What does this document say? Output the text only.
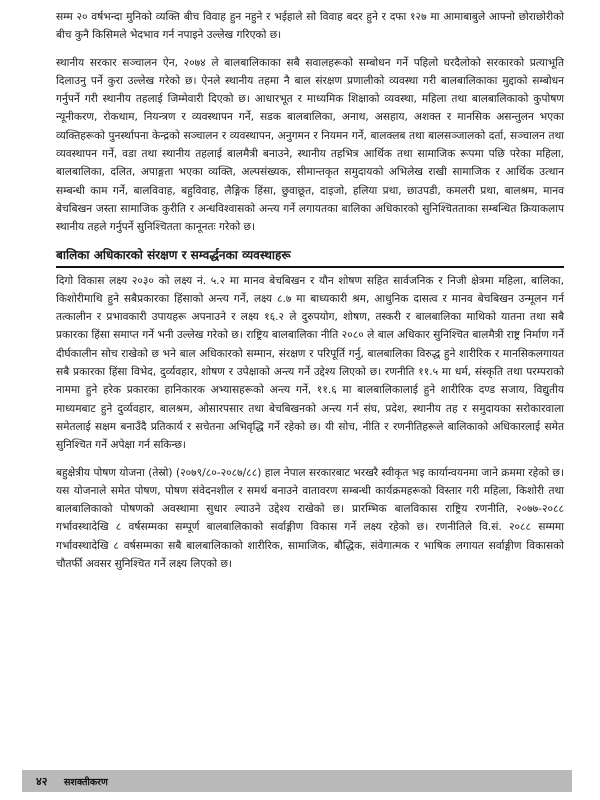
सम्म २० वर्षभन्दा मुनिको व्यक्ति बीच विवाह हुन नहुने र भईहाले सो विवाह बदर हुने र दफा १२७ मा आमाबाबुले आफ्नो छोराछोरीको बीच कुनै किसिमले भेदभाव गर्न नपाइने उल्लेख गरिएको छ।

स्थानीय सरकार सञ्चालन ऐन, २०७४ ले बालबालिकाका सबै सवालहरूको सम्बोधन गर्ने पहिलो घरदैलोको सरकारको प्रत्याभूति दिलाउनु पर्ने कुरा उल्लेख गरेको छ। ऐनले स्थानीय तहमा नै बाल संरक्षण प्रणालीको व्यवस्था गरी बालबालिकाका मुद्दाको सम्बोधन गर्नुपर्ने गरी स्थानीय तहलाई जिम्मेवारी दिएको छ। आधारभूत र माध्यमिक शिक्षाको व्यवस्था, महिला तथा बालबालिकाको कुपोषण न्यूनीकरण, रोकथाम, नियन्त्रण र व्यवस्थापन गर्ने, सडक बालबालिका, अनाथ, असहाय, अशक्त र मानसिक असन्तुलन भएका व्यक्तिहरूको पुनर्स्थापना केन्द्रको सञ्चालन र व्यवस्थापन, अनुगमन र नियमन गर्ने, बालक्लब तथा बालसञ्जालको दर्ता, सञ्चालन तथा व्यवस्थापन गर्ने, वडा तथा स्थानीय तहलाई बालमैत्री बनाउने, स्थानीय तहभित्र आर्थिक तथा सामाजिक रूपमा पछि परेका महिला, बालबालिका, दलित, अपाङ्गता भएका व्यक्ति, अल्पसंख्यक, सीमान्तकृत समुदायको अभिलेख राखी सामाजिक र आर्थिक उत्थान सम्बन्धी काम गर्ने, बालविवाह, बहुविवाह, लैङ्गिक हिंसा, छुवाछूत, दाइजो, हलिया प्रथा, छाउपडी, कमलरी प्रथा, बालश्रम, मानव बेचबिखन जस्ता सामाजिक कुरीति र अन्धविश्वासको अन्त्य गर्ने लगायतका बालिका अधिकारको सुनिश्चितताका सम्बन्धित क्रियाकलाप स्थानीय तहले गर्नुपर्ने सुनिश्चितता कानूनतः गरेको छ।

बालिका अधिकारको संरक्षण र सम्वर्द्धनका व्यवस्थाहरू

दिगो विकास लक्ष्य २०३० को लक्ष्य नं. ५.२ मा मानव बेचबिखन र यौन शोषण सहित सार्वजनिक र निजी क्षेत्रमा महिला, बालिका, किशोरीमाथि हुने सबैप्रकारका हिंसाको अन्त्य गर्ने, लक्ष्य ८.७ मा बाध्यकारी श्रम, आधुनिक दासत्व र मानव बेचबिखन उन्मूलन गर्न तत्कालीन र प्रभावकारी उपायहरू अपनाउने र लक्ष्य १६.२ ले दुरुपयोग, शोषण, तस्करी र बालबालिका माथिको यातना तथा सबै प्रकारका हिंसा समाप्त गर्ने भनी उल्लेख गरेको छ। राष्ट्रिय बालबालिका नीति २०८० ले बाल अधिकार सुनिश्चित बालमैत्री राष्ट्र निर्माण गर्ने दीर्घकालीन सोच राखेको छ भने बाल अधिकारको सम्मान, संरक्षण र परिपूर्ति गर्नु, बालबालिका विरुद्ध हुने शारीरिक र मानसिकलगायत सबै प्रकारका हिंसा विभेद, दुर्व्यवहार, शोषण र उपेक्षाको अन्त्य गर्ने उद्देश्य लिएको छ। रणनीति ११.५ मा धर्म, संस्कृति तथा परम्पराको नाममा हुने हरेक प्रकारका हानिकारक अभ्यासहरूको अन्त्य गर्ने, ११.६ मा बालबालिकालाई हुने शारीरिक दण्ड सजाय, विद्युतीय माध्यमबाट हुने दुर्व्यवहार, बालश्रम, ओसारपसार तथा बेचबिखनको अन्त्य गर्न संघ, प्रदेश, स्थानीय तह र समुदायका सरोकारवाला समेतलाई सक्षम बनाउँदै प्रतिकार्य र सचेतना अभिवृद्धि गर्ने रहेको छ। यी सोच, नीति र रणनीतिहरूले बालिकाको अधिकारलाई समेत सुनिश्चित गर्ने अपेक्षा गर्न सकिन्छ।

बहुक्षेत्रीय पोषण योजना (तेस्रो) (२०७९/८०-२०८७/८८) हाल नेपाल सरकारबाट भरखरै स्वीकृत भइ कार्यान्वयनमा जाने क्रममा रहेको छ। यस योजनाले समेत पोषण, पोषण संवेदनशील र समर्थ बनाउने वातावरण सम्बन्धी कार्यक्रमहरूको विस्तार गरी महिला, किशोरी तथा बालबालिकाको पोषणको अवस्थामा सुधार ल्याउने उद्देश्य राखेको छ। प्रारम्भिक बालविकास राष्ट्रिय रणनीति, २०७७-२०८८ गर्भावस्थादेखि ८ वर्षसम्मका सम्पूर्ण बालबालिकाको सर्वाङ्गीण विकास गर्ने लक्ष्य रहेको छ। रणनीतिले वि.सं. २०८८ सम्ममा गर्भावस्थादेखि ८ वर्षसम्मका सबै बालबालिकाको शारीरिक, सामाजिक, बौद्धिक, संवेगात्मक र भाषिक लगायत सर्वाङ्गीण विकासको चौतर्फी अवसर सुनिश्चित गर्ने लक्ष्य लिएको छ।

४२ सशक्तीकरण
